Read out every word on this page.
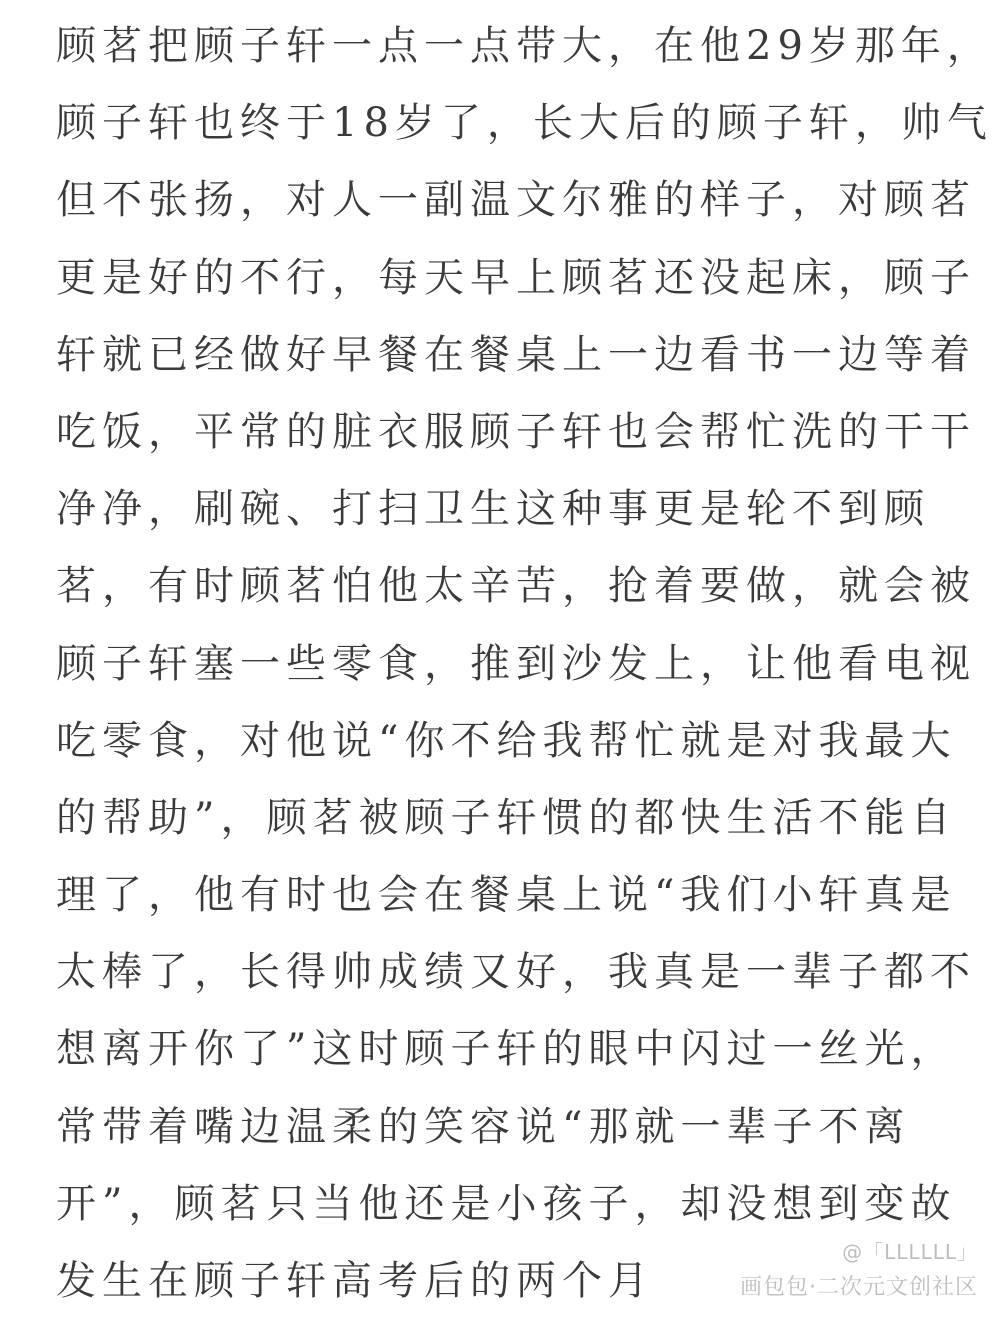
顾茗把顾子轩一点一点带大，在他29岁那年，
顾子轩也终于18岁了，长大后的顾子轩，帅气
但不张扬，对人一副温文尔雅的样子，对顾茗
更是好的不行，每天早上顾茗还没起床，顾子
轩就已经做好早餐在餐桌上一边看书一边等着
吃饭，平常的脏衣服顾子轩也会帮忙洗的干干
净净，刷碗、打扫卫生这种事更是轮不到顾
茗，有时顾茗怕他太辛苦，抢着要做，就会被
顾子轩塞一些零食，推到沙发上，让他看电视
吃零食，对他说“你不给我帮忙就是对我最大
的帮助”，顾茗被顾子轩惯的都快生活不能自
理了，他有时也会在餐桌上说“我们小轩真是
太棒了，长得帅成绩又好，我真是一辈子都不
想离开你了”这时顾子轩的眼中闪过一丝光，
常带着嘴边温柔的笑容说“那就一辈子不离
开”，顾茗只当他还是小孩子，却没想到变故
发生在顾子轩高考后的两个月
@「LLLLLL」
画包包·二次元文创社区
